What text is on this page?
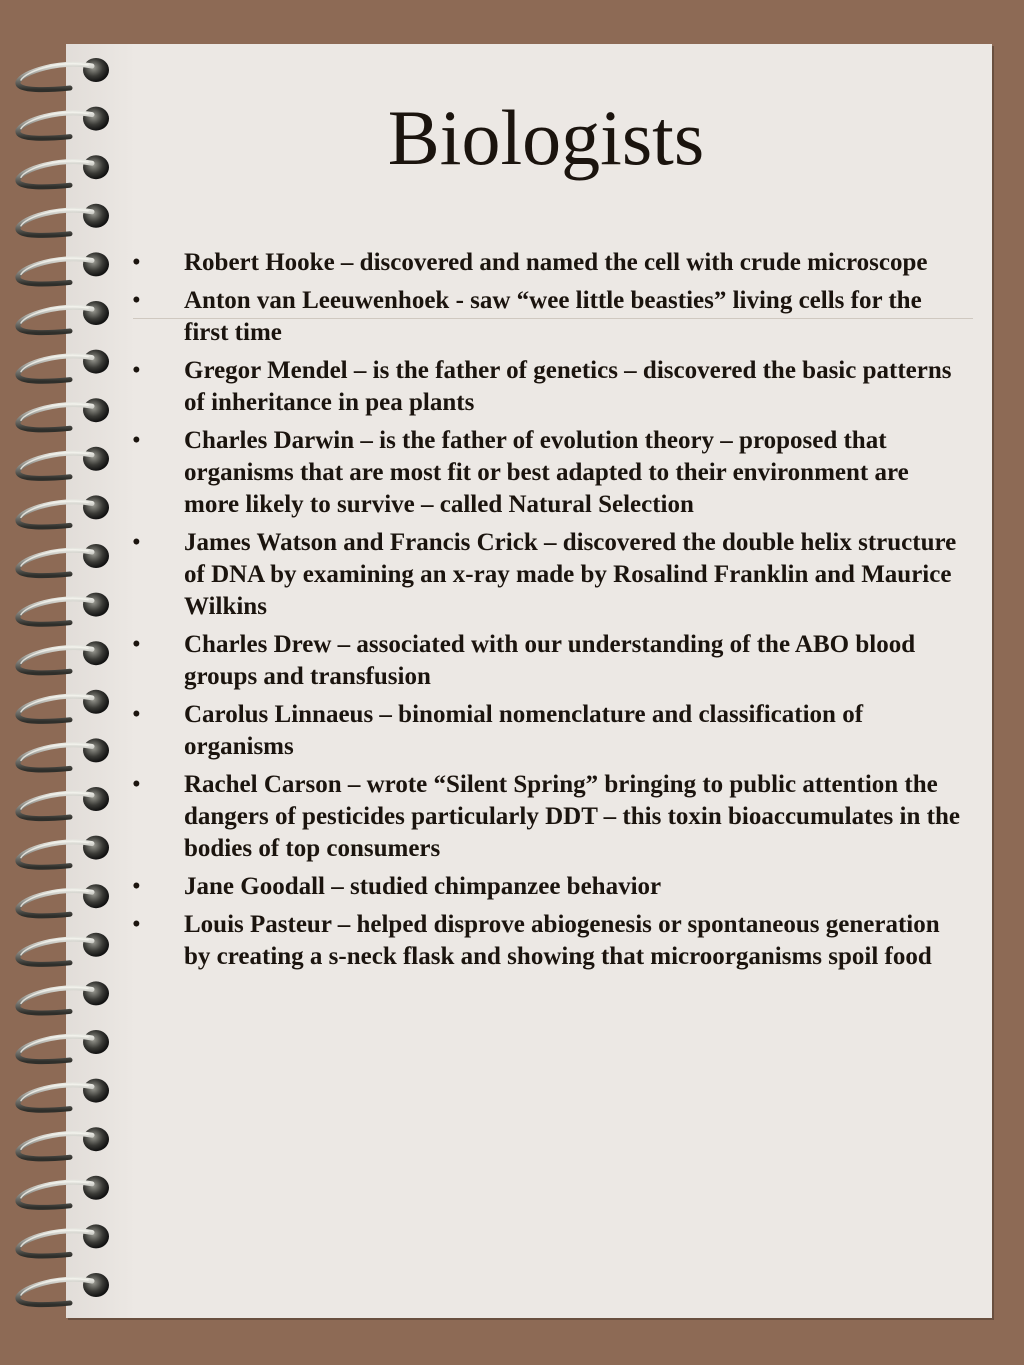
Biologists
• Robert Hooke – discovered and named the cell with crude microscope
• Anton van Leeuwenhoek - saw “wee little beasties” living cells for the first time
• Gregor Mendel – is the father of genetics – discovered the basic patterns of inheritance in pea plants
• Charles Darwin – is the father of evolution theory – proposed that organisms that are most fit or best adapted to their environment are more likely to survive – called Natural Selection
• James Watson and Francis Crick – discovered the double helix structure of DNA by examining an x-ray made by Rosalind Franklin and Maurice Wilkins
• Charles Drew – associated with our understanding of the ABO blood groups and transfusion
• Carolus Linnaeus – binomial nomenclature and classification of organisms
• Rachel Carson – wrote “Silent Spring” bringing to public attention the dangers of pesticides particularly DDT – this toxin bioaccumulates in the bodies of top consumers
• Jane Goodall – studied chimpanzee behavior
• Louis Pasteur – helped disprove abiogenesis or spontaneous generation by creating a s-neck flask and showing that microorganisms spoil food
